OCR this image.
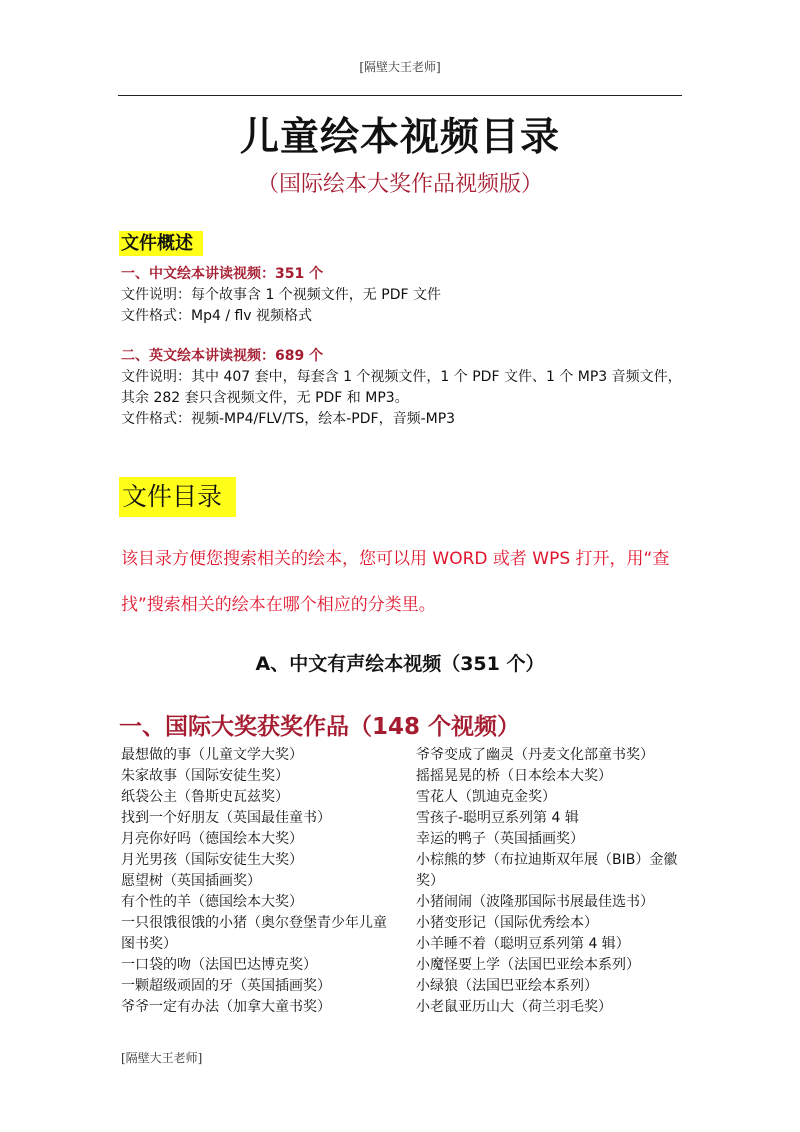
[隔壁大王老师]
儿童绘本视频目录
（国际绘本大奖作品视频版）
文件概述
一、中文绘本讲读视频：351 个
文件说明：每个故事含 1 个视频文件，无 PDF 文件
文件格式：Mp4 / flv 视频格式
二、英文绘本讲读视频：689 个
文件说明：其中 407 套中，每套含 1 个视频文件，1 个 PDF 文件、1 个 MP3 音频文件，其余 282 套只含视频文件，无 PDF 和 MP3。
文件格式：视频-MP4/FLV/TS，绘本-PDF，音频-MP3
文件目录
该目录方便您搜索相关的绘本，您可以用 WORD 或者 WPS 打开，用“查找”搜索相关的绘本在哪个相应的分类里。
A、中文有声绘本视频（351 个）
一、国际大奖获奖作品（148 个视频）
最想做的事（儿童文学大奖）
朱家故事（国际安徒生奖）
纸袋公主（鲁斯史瓦兹奖）
找到一个好朋友（英国最佳童书）
月亮你好吗（德国绘本大奖）
月光男孩（国际安徒生大奖）
愿望树（英国插画奖）
有个性的羊（德国绘本大奖）
一只很饿很饿的小猪（奥尔登堡青少年儿童图书奖）
一口袋的吻（法国巴达博克奖）
一颗超级顽固的牙（英国插画奖）
爷爷一定有办法（加拿大童书奖）
爷爷变成了幽灵（丹麦文化部童书奖）
摇摇晃晃的桥（日本绘本大奖）
雪花人（凯迪克金奖）
雪孩子-聪明豆系列第 4 辑
幸运的鸭子（英国插画奖）
小棕熊的梦（布拉迪斯双年展（BIB）金徽奖）
小猪闹闹（波隆那国际书展最佳选书）
小猪变形记（国际优秀绘本）
小羊睡不着（聪明豆系列第 4 辑）
小魔怪要上学（法国巴亚绘本系列）
小绿狼（法国巴亚绘本系列）
小老鼠亚历山大（荷兰羽毛奖）
[隔壁大王老师]
